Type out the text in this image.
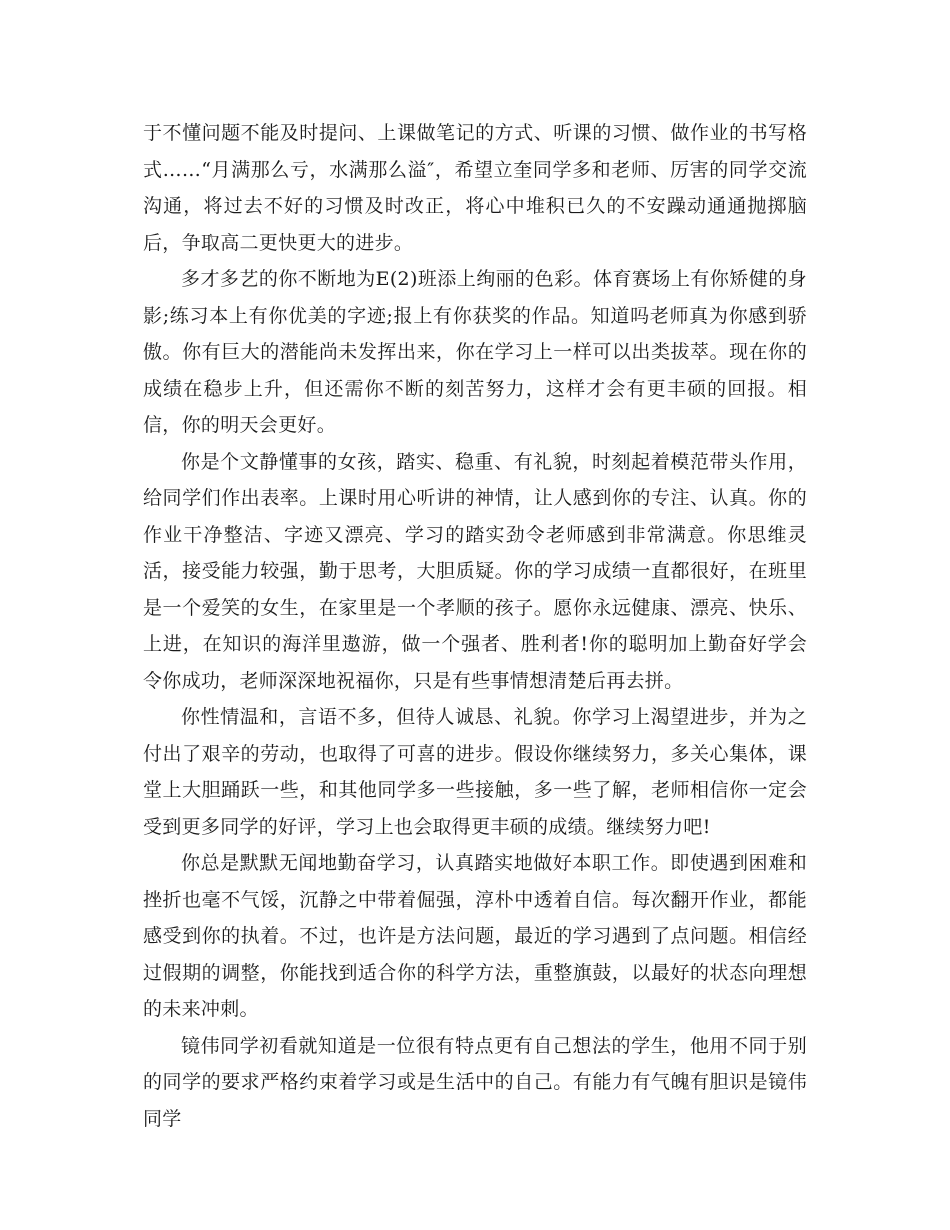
于不懂问题不能及时提问、上课做笔记的方式、听课的习惯、做作业的书写格式……“月满那么亏，水满那么溢″，希望立奎同学多和老师、厉害的同学交流沟通，将过去不好的习惯及时改正，将心中堆积已久的不安躁动通通抛掷脑后，争取高二更快更大的进步。

多才多艺的你不断地为E(2)班添上绚丽的色彩。体育赛场上有你矫健的身影;练习本上有你优美的字迹;报上有你获奖的作品。知道吗老师真为你感到骄傲。你有巨大的潜能尚未发挥出来，你在学习上一样可以出类拔萃。现在你的成绩在稳步上升，但还需你不断的刻苦努力，这样才会有更丰硕的回报。相信，你的明天会更好。

你是个文静懂事的女孩，踏实、稳重、有礼貌，时刻起着模范带头作用，给同学们作出表率。上课时用心听讲的神情，让人感到你的专注、认真。你的作业干净整洁、字迹又漂亮、学习的踏实劲令老师感到非常满意。你思维灵活，接受能力较强，勤于思考，大胆质疑。你的学习成绩一直都很好，在班里是一个爱笑的女生，在家里是一个孝顺的孩子。愿你永远健康、漂亮、快乐、上进，在知识的海洋里遨游，做一个强者、胜利者!你的聪明加上勤奋好学会令你成功，老师深深地祝福你，只是有些事情想清楚后再去拼。

你性情温和，言语不多，但待人诚恳、礼貌。你学习上渴望进步，并为之付出了艰辛的劳动，也取得了可喜的进步。假设你继续努力，多关心集体，课堂上大胆踊跃一些，和其他同学多一些接触，多一些了解，老师相信你一定会受到更多同学的好评，学习上也会取得更丰硕的成绩。继续努力吧!

你总是默默无闻地勤奋学习，认真踏实地做好本职工作。即使遇到困难和挫折也毫不气馁，沉静之中带着倔强，淳朴中透着自信。每次翻开作业，都能感受到你的执着。不过，也许是方法问题，最近的学习遇到了点问题。相信经过假期的调整，你能找到适合你的科学方法，重整旗鼓，以最好的状态向理想的未来冲刺。

镜伟同学初看就知道是一位很有特点更有自己想法的学生，他用不同于别的同学的要求严格约束着学习或是生活中的自己。有能力有气魄有胆识是镜伟同学
